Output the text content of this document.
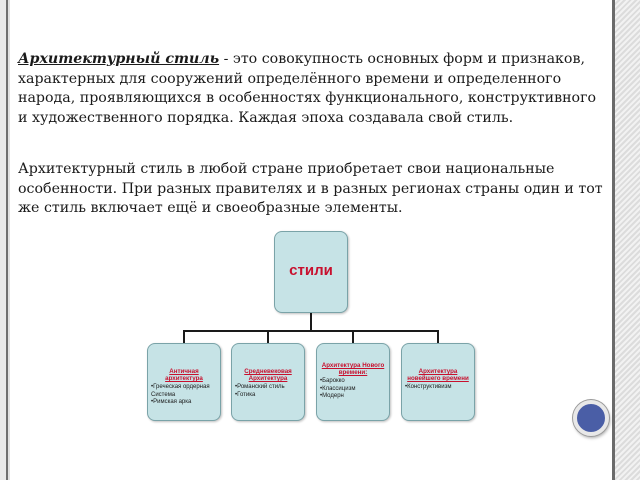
Архитектурный стиль - это совокупность основных форм и признаков, характерных для сооружений определённого времени и определенного народа, проявляющихся в особенностях функционального, конструктивного и художественного порядка. Каждая эпоха создавала свой стиль.

Архитектурный стиль в любой стране приобретает свои национальные особенности. При разных правителях и в разных регионах страны один и тот же стиль включает ещё и своеобразные элементы.

стили
Античная архитектура
•Греческая ордерная Система
•Римская арка
Средневековая Архитектура
•Романский стиль
•Готика
Архитектура Нового времени:
•Барокко
•Классицизм
•Модерн
Архитектура новейшего времени
•Конструктивизм
